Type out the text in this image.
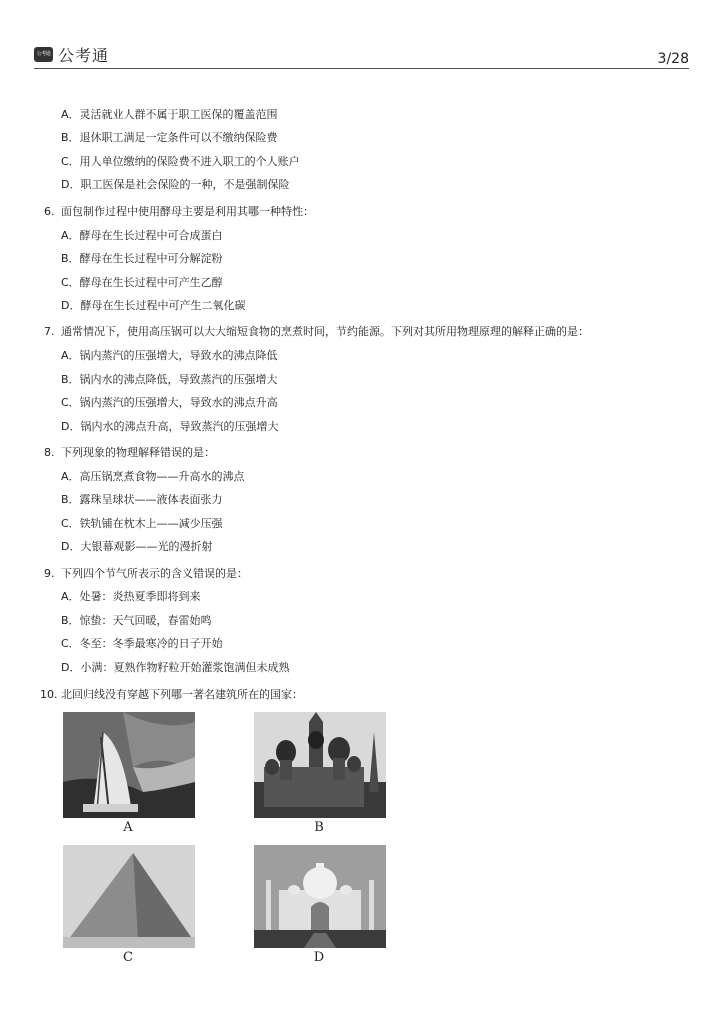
公考通 公考通	3/28
A．灵活就业人群不属于职工医保的覆盖范围
B．退休职工满足一定条件可以不缴纳保险费
C．用人单位缴纳的保险费不进入职工的个人账户
D．职工医保是社会保险的一种，不是强制保险
6. 面包制作过程中使用酵母主要是利用其哪一种特性：
A．酵母在生长过程中可合成蛋白
B．酵母在生长过程中可分解淀粉
C．酵母在生长过程中可产生乙醇
D．酵母在生长过程中可产生二氧化碳
7. 通常情况下，使用高压锅可以大大缩短食物的烹煮时间，节约能源。下列对其所用物理原理的解释正确的是：
A．锅内蒸汽的压强增大，导致水的沸点降低
B．锅内水的沸点降低，导致蒸汽的压强增大
C．锅内蒸汽的压强增大，导致水的沸点升高
D．锅内水的沸点升高，导致蒸汽的压强增大
8. 下列现象的物理解释错误的是：
A．高压锅烹煮食物——升高水的沸点
B．露珠呈球状——液体表面张力
C．铁轨铺在枕木上——减少压强
D．大银幕观影——光的漫折射
9. 下列四个节气所表示的含义错误的是：
A．处暑：炎热夏季即将到来
B．惊蛰：天气回暖，春雷始鸣
C．冬至：冬季最寒冷的日子开始
D．小满：夏熟作物籽粒开始灌浆饱满但未成熟
10. 北回归线没有穿越下列哪一著名建筑所在的国家：
A	B
C	D
